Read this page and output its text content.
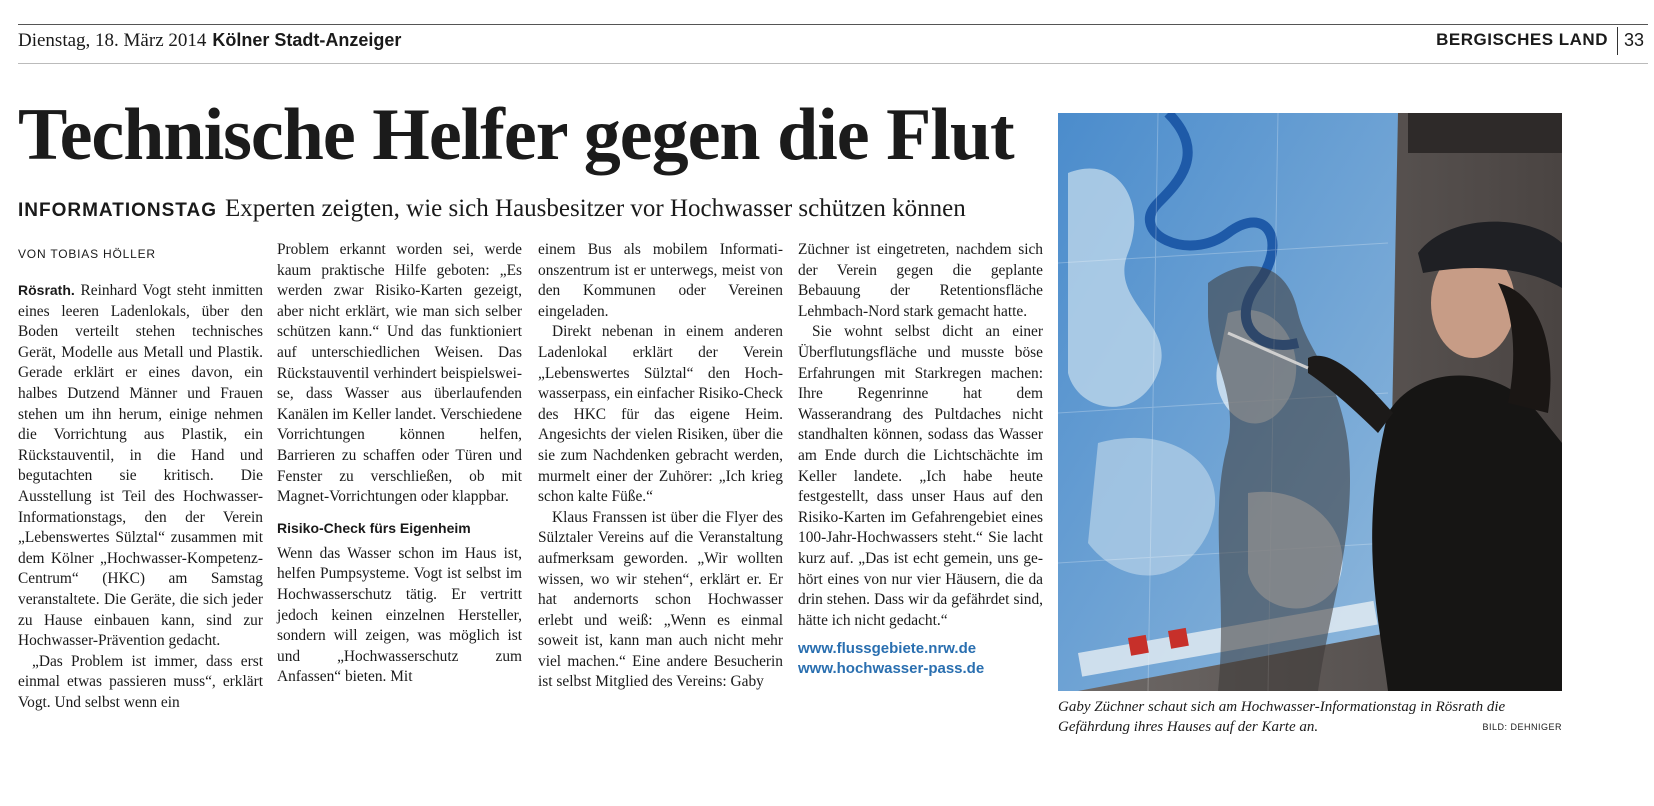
Dienstag, 18. März 2014 Kölner Stadt-Anzeiger	BERGISCHES LAND 33
Technische Helfer gegen die Flut
INFORMATIONSTAG Experten zeigten, wie sich Hausbesitzer vor Hochwasser schützen können
VON TOBIAS HÖLLER

Rösrath. Reinhard Vogt steht inmitten eines leeren Ladenlokals, über den Boden verteilt stehen technisches Gerät, Modelle aus Metall und Plastik. Gerade erklärt er eines davon, ein halbes Dutzend Männer und Frauen stehen um ihn herum, einige nehmen die Vorrichtung aus Plastik, ein Rückstauventil, in die Hand und begutachten sie kritisch. Die Ausstellung ist Teil des Hochwasser-Informationstags, den der Verein „Lebenswertes Sülztal“ zusammen mit dem Kölner „Hochwasser-Kompetenz-Centrum“ (HKC) am Samstag veranstaltete. Die Geräte, die sich jeder zu Hause einbauen kann, sind zur Hochwasser-Prävention gedacht.

„Das Problem ist immer, dass erst einmal etwas passieren muss“, erklärt Vogt. Und selbst wenn ein

Problem erkannt worden sei, werde kaum praktische Hilfe geboten: „Es werden zwar Risiko-Karten gezeigt, aber nicht erklärt, wie man sich selber schützen kann.“ Und das funktioniert auf unterschiedlichen Weisen. Das Rückstauventil verhindert beispielsweise, dass Wasser aus überlaufenden Kanälen im Keller landet. Verschiedene Vorrichtungen können helfen, Barrieren zu schaffen oder Türen und Fenster zu verschließen, ob mit Magnet-Vorrichtungen oder klappbar.

Risiko-Check fürs Eigenheim

Wenn das Wasser schon im Haus ist, helfen Pumpsysteme. Vogt ist selbst im Hochwasserschutz tätig. Er vertritt jedoch keinen einzelnen Hersteller, sondern will zeigen, was möglich ist und „Hochwasserschutz zum Anfassen“ bieten. Mit

einem Bus als mobilem Informationszentrum ist er unterwegs, meist von den Kommunen oder Vereinen eingeladen.

Direkt nebenan in einem anderen Ladenlokal erklärt der Verein „Lebenswertes Sülztal“ den Hochwasserpass, ein einfacher Risiko-Check des HKC für das eigene Heim. Angesichts der vielen Risiken, über die sie zum Nachdenken gebracht werden, murmelt einer der Zuhörer: „Ich krieg schon kalte Füße.“

Klaus Franssen ist über die Flyer des Sülztaler Vereins auf die Veranstaltung aufmerksam geworden. „Wir wollten wissen, wo wir stehen“, erklärt er. Er hat andernorts schon Hochwasser erlebt und weiß: „Wenn es einmal soweit ist, kann man auch nicht mehr viel machen.“ Eine andere Besucherin ist selbst Mitglied des Vereins: Gaby

Züchner ist eingetreten, nachdem sich der Verein gegen die geplante Bebauung der Retentionsfläche Lehmbach-Nord stark gemacht hatte.

Sie wohnt selbst dicht an einer Überflutungsfläche und musste böse Erfahrungen mit Starkregen machen: Ihre Regenrinne hat dem Wasserandrang des Pultdaches nicht standhalten können, sodass das Wasser am Ende durch die Lichtschächte im Keller landete. „Ich habe heute festgestellt, dass unser Haus auf den Risiko-Karten im Gefahrengebiet eines 100-Jahr-Hochwassers steht.“ Sie lacht kurz auf. „Das ist echt gemein, uns gehört eines von nur vier Häusern, die da drin stehen. Dass wir da gefährdet sind, hätte ich nicht gedacht.“

www.flussgebiete.nrw.de
www.hochwasser-pass.de
Gaby Züchner schaut sich am Hochwasser-Informationstag in Rösrath die Gefährdung ihres Hauses auf der Karte an.	BILD: DEHNIGER
